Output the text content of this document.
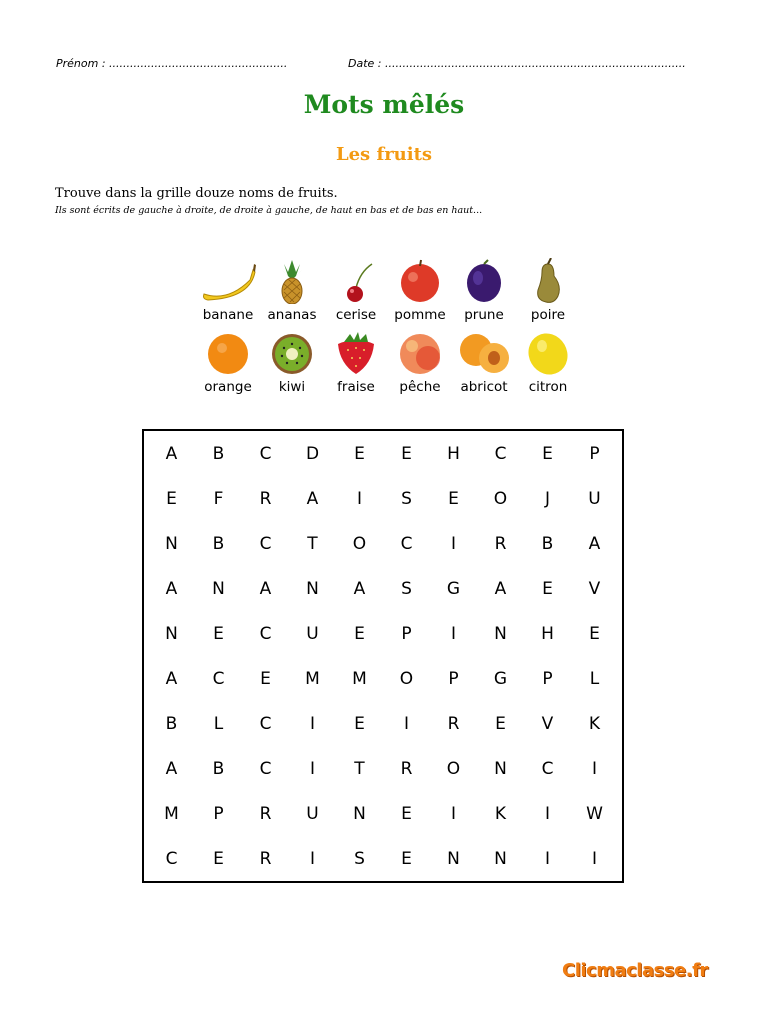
Prénom : ...................................................	Date : ......................................................................................
Mots mêlés
Les fruits
Trouve dans la grille douze noms de fruits.
Ils sont écrits de gauche à droite, de droite à gauche, de haut en bas et de bas en haut...
banane ananas cerise pomme prune poire
orange kiwi fraise pêche abricot citron
A	B	C	D	E	E	H	C	E	P
E	F	R	A	I	S	E	O	J	U
N	B	C	T	O	C	I	R	B	A
A	N	A	N	A	S	G	A	E	V
N	E	C	U	E	P	I	N	H	E
A	C	E	M	M	O	P	G	P	L
B	L	C	I	E	I	R	E	V	K
A	B	C	I	T	R	O	N	C	I
M	P	R	U	N	E	I	K	I	W
C	E	R	I	S	E	N	N	I	I
Clicmaclasse.fr
